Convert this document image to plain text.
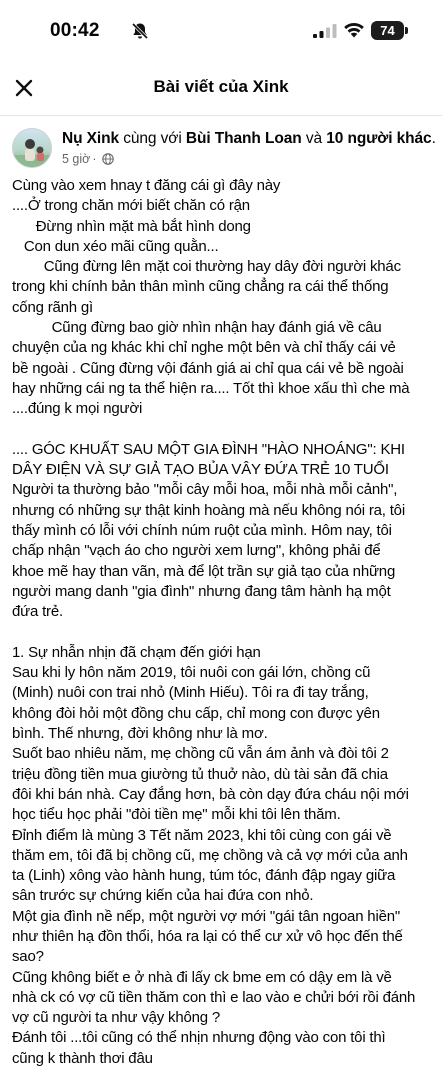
00:42	74
Bài viết của Xink
Nụ Xink cùng với Bùi Thanh Loan và 10 người khác.
5 giờ ·
Cùng vào xem hnay t đăng cái gì đây này
....Ở trong chăn mới biết chăn có rận
Đừng nhìn mặt mà bắt hình dong
Con dun xéo mãi cũng quằn...
Cũng đừng lên mặt coi thường hay dây đời người khác
trong khi chính bản thân mình cũng chẳng ra cái thể thống
cống rãnh gì
Cũng đừng bao giờ nhìn nhận hay đánh giá về câu
chuyện của ng khác khi chỉ nghe một bên và chỉ thấy cái vẻ
bề ngoài . Cũng đừng vội đánh giá ai chỉ qua cái vẻ bề ngoài
hay những cái ng ta thể hiện ra.... Tốt thì khoe xấu thì che mà
....đúng k mọi người
.... GÓC KHUẤT SAU MỘT GIA ĐÌNH "HÀO NHOÁNG": KHI
DÂY ĐIỆN VÀ SỰ GIẢ TẠO BỦA VÂY ĐỨA TRẺ 10 TUỔI
Người ta thường bảo "mỗi cây mỗi hoa, mỗi nhà mỗi cảnh",
nhưng có những sự thật kinh hoàng mà nếu không nói ra, tôi
thấy mình có lỗi với chính núm ruột của mình. Hôm nay, tôi
chấp nhận "vạch áo cho người xem lưng", không phải để
khoe mẽ hay than vãn, mà để lột trần sự giả tạo của những
người mang danh "gia đình" nhưng đang tâm hành hạ một
đứa trẻ.
1. Sự nhẫn nhịn đã chạm đến giới hạn
Sau khi ly hôn năm 2019, tôi nuôi con gái lớn, chồng cũ
(Minh) nuôi con trai nhỏ (Minh Hiếu). Tôi ra đi tay trắng,
không đòi hỏi một đồng chu cấp, chỉ mong con được yên
bình. Thế nhưng, đời không như là mơ.
Suốt bao nhiêu năm, mẹ chồng cũ vẫn ám ảnh và đòi tôi 2
triệu đồng tiền mua giường tủ thuở nào, dù tài sản đã chia
đôi khi bán nhà. Cay đắng hơn, bà còn dạy đứa cháu nội mới
học tiểu học phải "đòi tiền mẹ" mỗi khi tôi lên thăm.
Đỉnh điểm là mùng 3 Tết năm 2023, khi tôi cùng con gái về
thăm em, tôi đã bị chồng cũ, mẹ chồng và cả vợ mới của anh
ta (Linh) xông vào hành hung, túm tóc, đánh đập ngay giữa
sân trước sự chứng kiến của hai đứa con nhỏ.
Một gia đình nề nếp, một người vợ mới "gái tân ngoan hiền"
như thiên hạ đồn thổi, hóa ra lại có thể cư xử vô học đến thế
sao?
Cũng không biết e ở nhà đi lấy ck bme em có dậy em là về
nhà ck có vợ cũ tiền thăm con thì e lao vào e chửi bới rồi đánh
vợ cũ người ta như vậy không ?
Đánh tôi ...tôi cũng có thể nhịn nhưng động vào con tôi thì
cũng k thành thơi đâu
